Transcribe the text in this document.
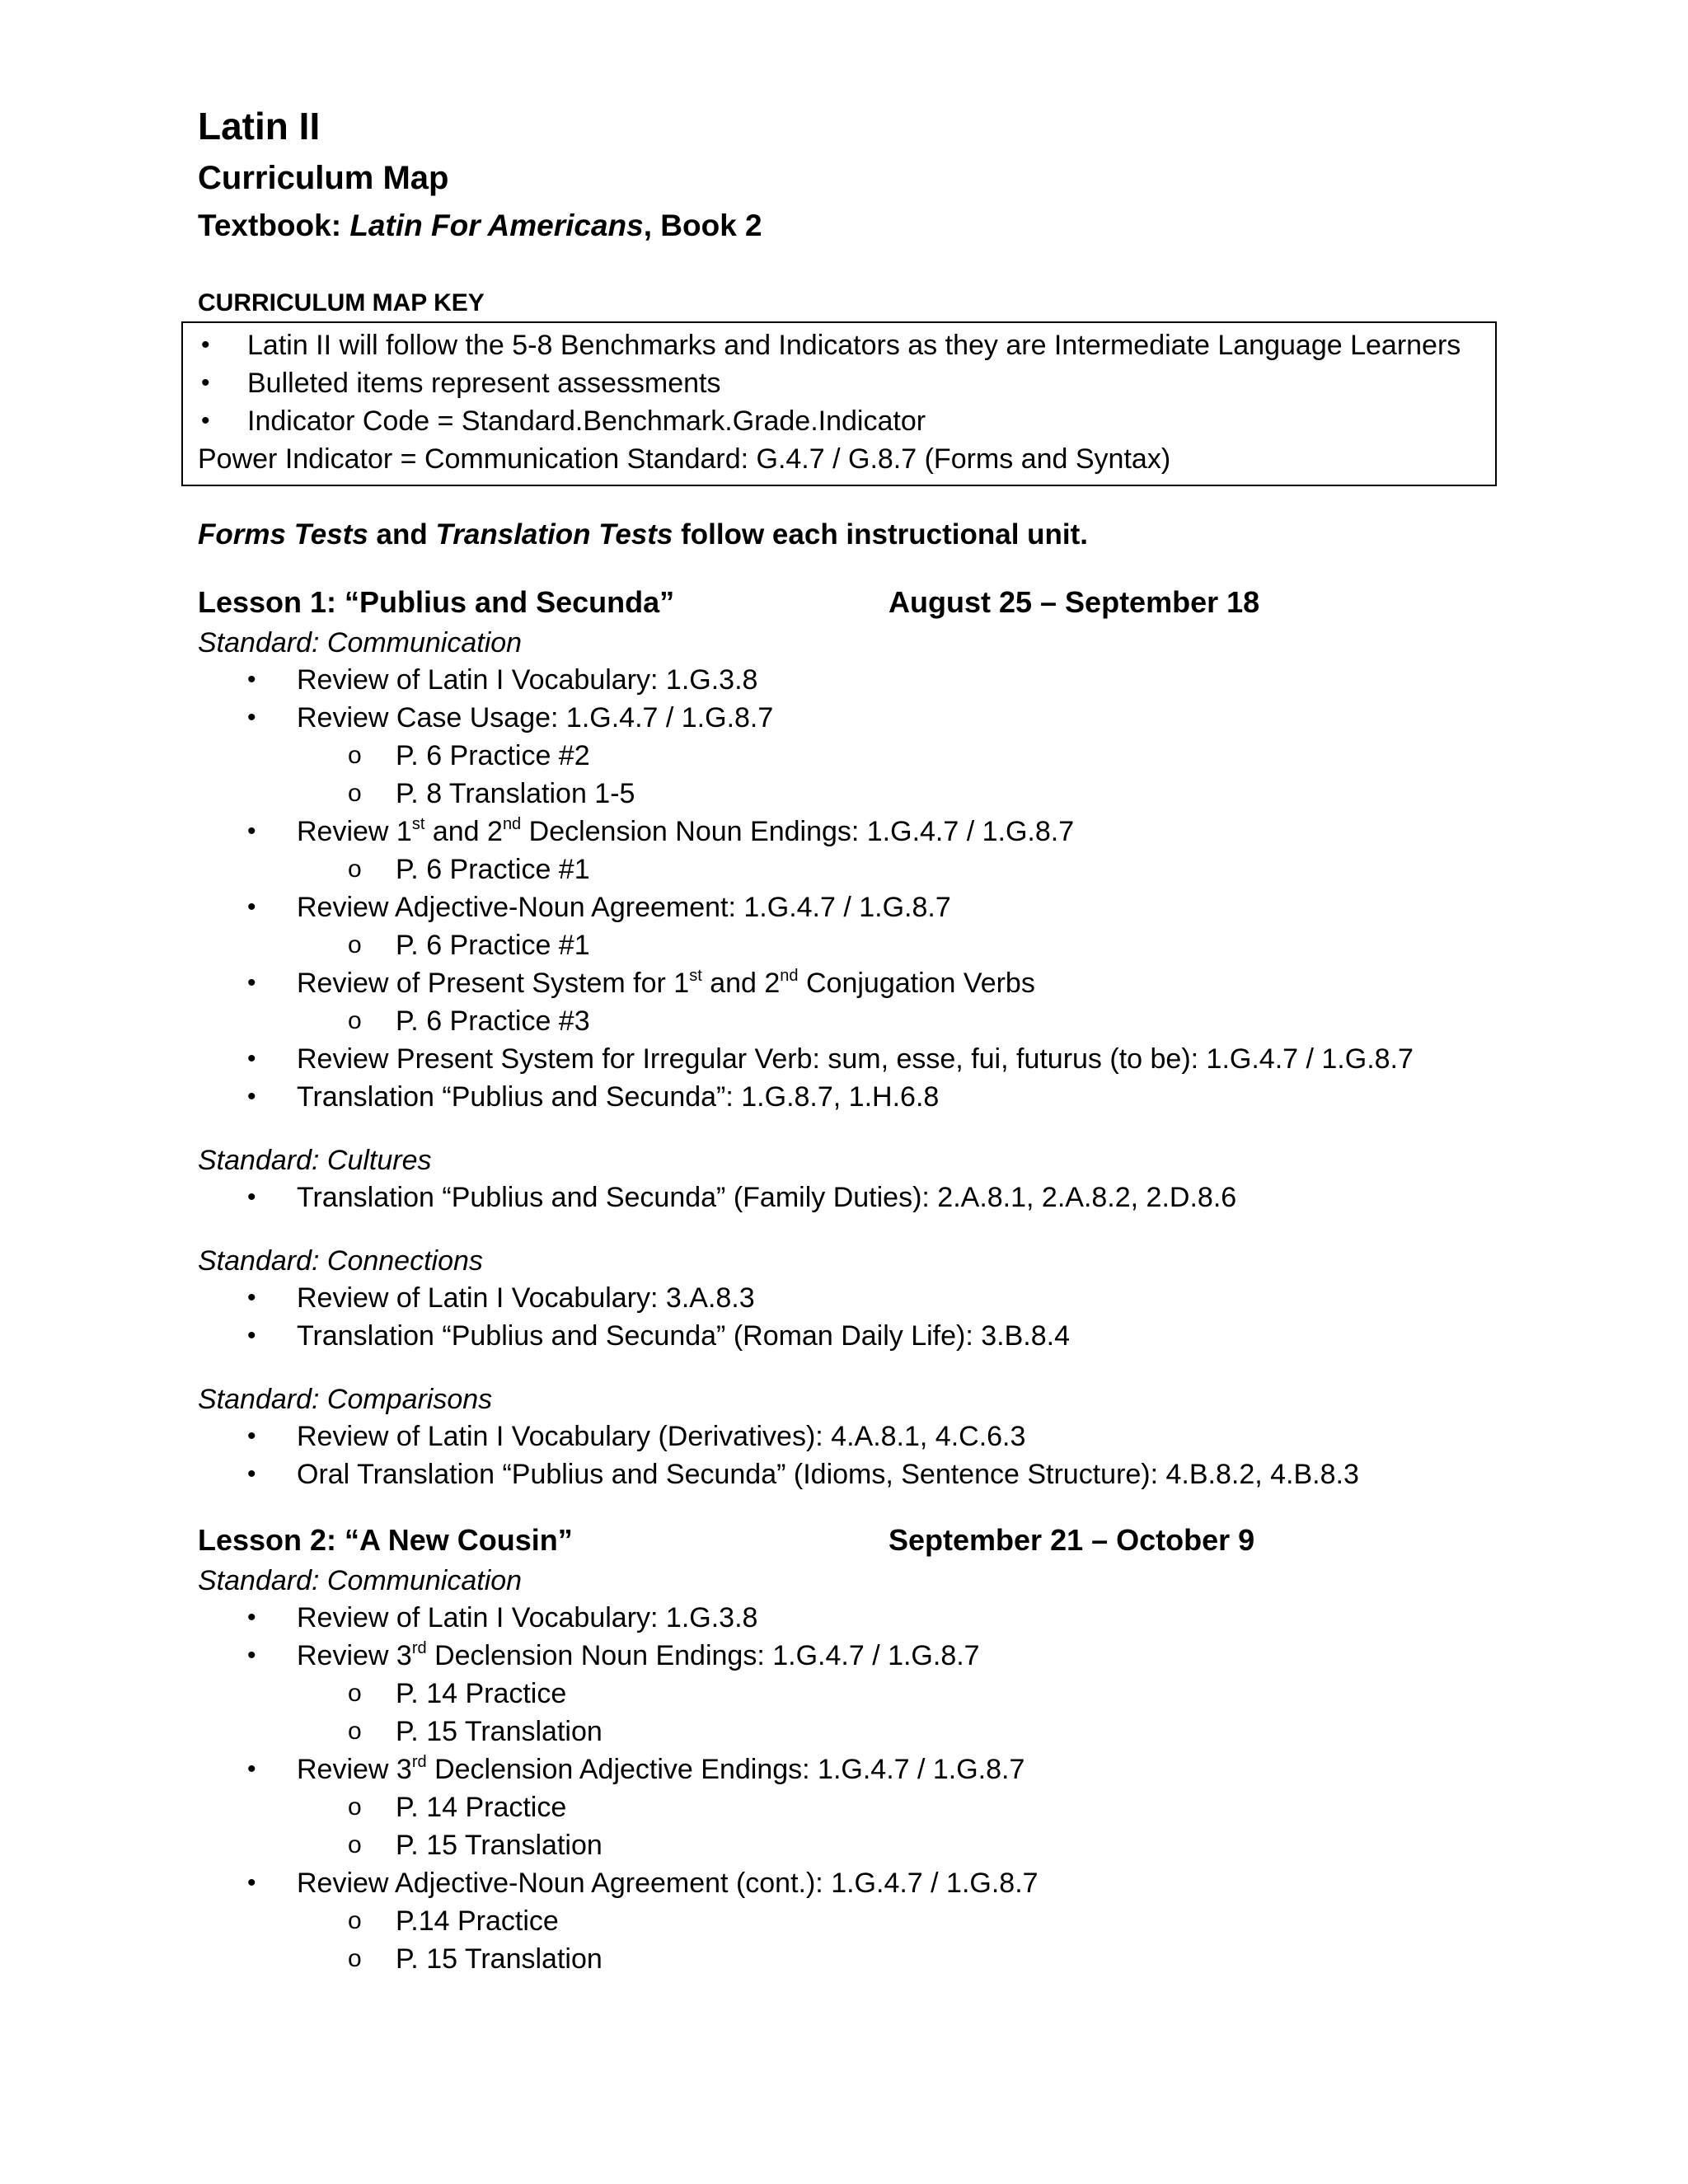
Latin II
Curriculum Map
Textbook: Latin For Americans, Book 2
CURRICULUM MAP KEY
• Latin II will follow the 5-8 Benchmarks and Indicators as they are Intermediate Language Learners
• Bulleted items represent assessments
• Indicator Code = Standard.Benchmark.Grade.Indicator
Power Indicator = Communication Standard: G.4.7 / G.8.7 (Forms and Syntax)
Forms Tests and Translation Tests follow each instructional unit.
Lesson 1: “Publius and Secunda”	August 25 – September 18
Standard: Communication
• Review of Latin I Vocabulary: 1.G.3.8
• Review Case Usage: 1.G.4.7 / 1.G.8.7
o P. 6 Practice #2
o P. 8 Translation 1-5
• Review 1st and 2nd Declension Noun Endings: 1.G.4.7 / 1.G.8.7
o P. 6 Practice #1
• Review Adjective-Noun Agreement: 1.G.4.7 / 1.G.8.7
o P. 6 Practice #1
• Review of Present System for 1st and 2nd Conjugation Verbs
o P. 6 Practice #3
• Review Present System for Irregular Verb: sum, esse, fui, futurus (to be): 1.G.4.7 / 1.G.8.7
• Translation “Publius and Secunda”: 1.G.8.7, 1.H.6.8
Standard: Cultures
• Translation “Publius and Secunda” (Family Duties): 2.A.8.1, 2.A.8.2, 2.D.8.6
Standard: Connections
• Review of Latin I Vocabulary: 3.A.8.3
• Translation “Publius and Secunda” (Roman Daily Life): 3.B.8.4
Standard: Comparisons
• Review of Latin I Vocabulary (Derivatives): 4.A.8.1, 4.C.6.3
• Oral Translation “Publius and Secunda” (Idioms, Sentence Structure): 4.B.8.2, 4.B.8.3
Lesson 2: “A New Cousin”	September 21 – October 9
Standard: Communication
• Review of Latin I Vocabulary: 1.G.3.8
• Review 3rd Declension Noun Endings: 1.G.4.7 / 1.G.8.7
o P. 14 Practice
o P. 15 Translation
• Review 3rd Declension Adjective Endings: 1.G.4.7 / 1.G.8.7
o P. 14 Practice
o P. 15 Translation
• Review Adjective-Noun Agreement (cont.): 1.G.4.7 / 1.G.8.7
o P.14 Practice
o P. 15 Translation
